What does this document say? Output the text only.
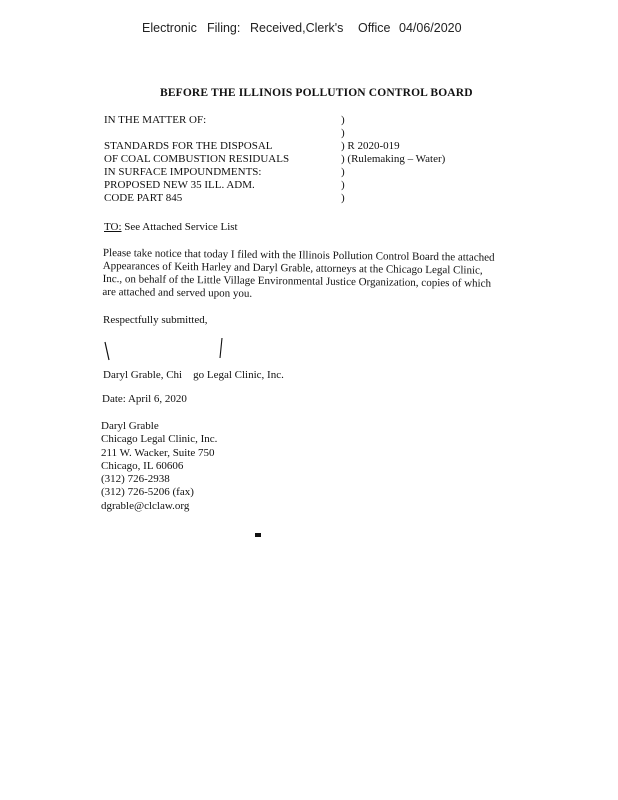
Electronic Filing: Received,Clerk's Office 04/06/2020
BEFORE THE ILLINOIS POLLUTION CONTROL BOARD
IN THE MATTER OF:
STANDARDS FOR THE DISPOSAL
OF COAL COMBUSTION RESIDUALS
IN SURFACE IMPOUNDMENTS:
PROPOSED NEW 35 ILL. ADM.
CODE PART 845
)
)
) R 2020-019
) (Rulemaking – Water)
)
)
)
TO: See Attached Service List
Please take notice that today I filed with the Illinois Pollution Control Board the attached
Appearances of Keith Harley and Daryl Grable, attorneys at the Chicago Legal Clinic,
Inc., on behalf of the Little Village Environmental Justice Organization, copies of which
are attached and served upon you.
Respectfully submitted,
Daryl Grable, Chi    go Legal Clinic, Inc.
Date: April 6, 2020
Daryl Grable
Chicago Legal Clinic, Inc.
211 W. Wacker, Suite 750
Chicago, IL 60606
(312) 726-2938
(312) 726-5206 (fax)
dgrable@clclaw.org
